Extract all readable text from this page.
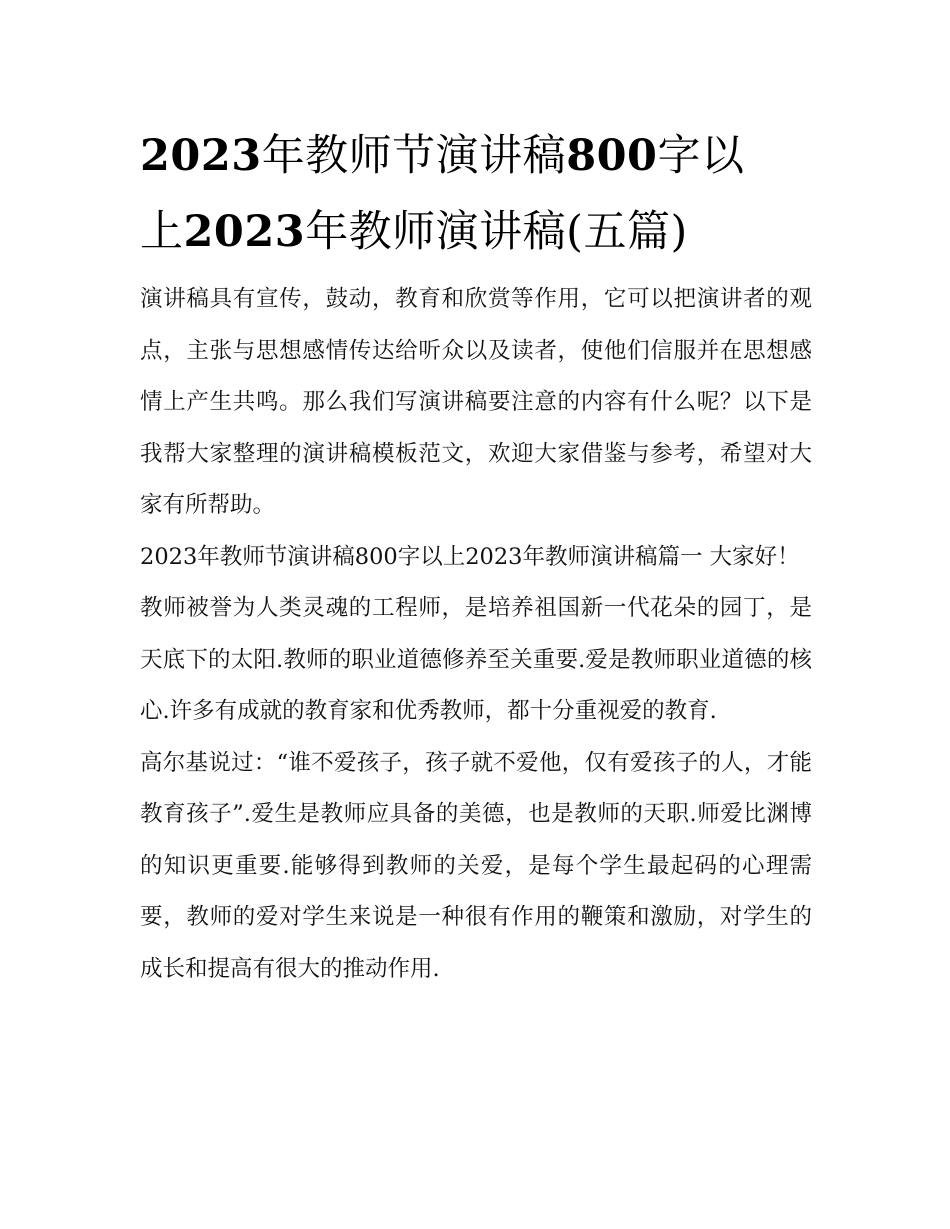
2023年教师节演讲稿800字以
上2023年教师演讲稿(五篇)

演讲稿具有宣传，鼓动，教育和欣赏等作用，它可以把演讲者的观点，主张与思想感情传达给听众以及读者，使他们信服并在思想感情上产生共鸣。那么我们写演讲稿要注意的内容有什么呢？以下是我帮大家整理的演讲稿模板范文，欢迎大家借鉴与参考，希望对大家有所帮助。

2023年教师节演讲稿800字以上2023年教师演讲稿篇一 大家好！

教师被誉为人类灵魂的工程师，是培养祖国新一代花朵的园丁，是天底下的太阳.教师的职业道德修养至关重要.爱是教师职业道德的核心.许多有成就的教育家和优秀教师，都十分重视爱的教育.

高尔基说过：“谁不爱孩子，孩子就不爱他，仅有爱孩子的人，才能教育孩子”.爱生是教师应具备的美德，也是教师的天职.师爱比渊博的知识更重要.能够得到教师的关爱，是每个学生最起码的心理需要，教师的爱对学生来说是一种很有作用的鞭策和激励，对学生的成长和提高有很大的推动作用.
